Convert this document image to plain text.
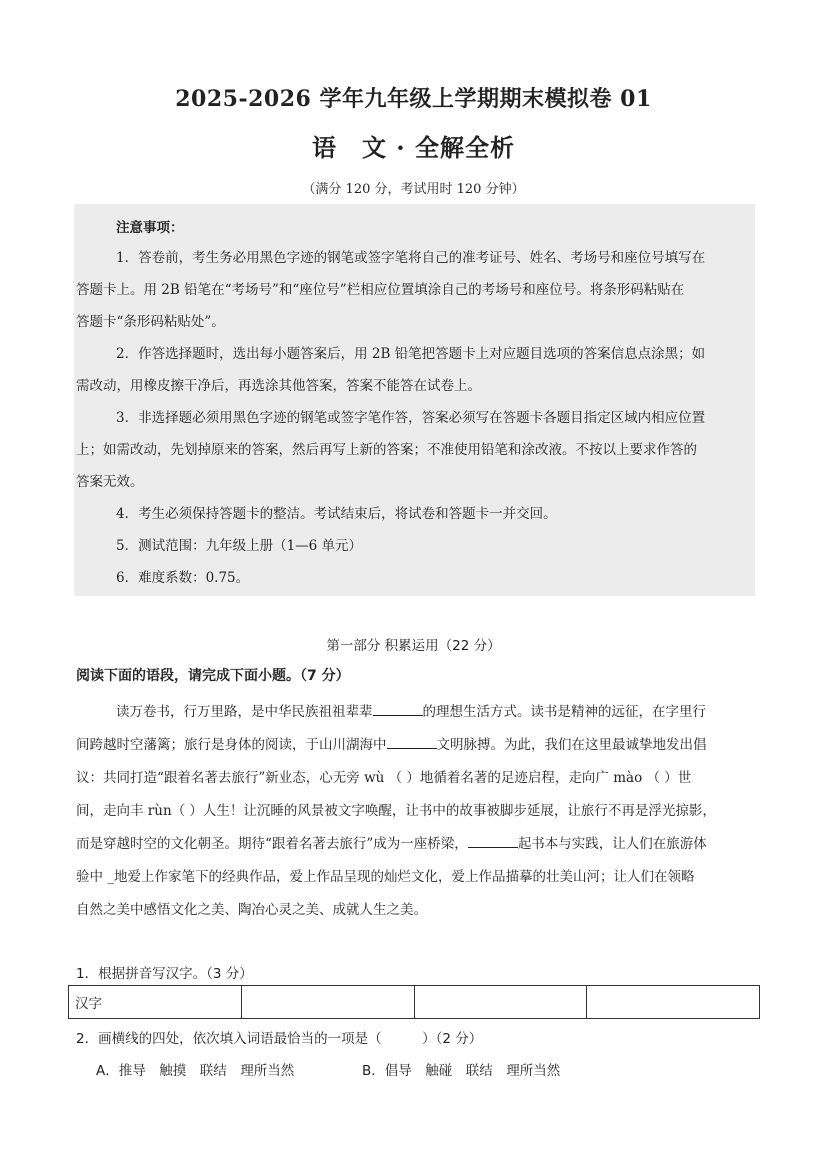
2025-2026 学年九年级上学期期末模拟卷 01
语　文 · 全解全析
（满分 120 分，考试用时 120 分钟）
注意事项：
1．答卷前，考生务必用黑色字迹的钢笔或签字笔将自己的准考证号、姓名、考场号和座位号填写在
答题卡上。用 2B 铅笔在“考场号”和“座位号”栏相应位置填涂自己的考场号和座位号。将条形码粘贴在
答题卡“条形码粘贴处”。
2．作答选择题时，选出每小题答案后，用 2B 铅笔把答题卡上对应题目选项的答案信息点涂黑；如
需改动，用橡皮擦干净后，再选涂其他答案，答案不能答在试卷上。
3．非选择题必须用黑色字迹的钢笔或签字笔作答，答案必须写在答题卡各题目指定区域内相应位置
上；如需改动，先划掉原来的答案，然后再写上新的答案；不准使用铅笔和涂改液。不按以上要求作答的
答案无效。
4．考生必须保持答题卡的整洁。考试结束后，将试卷和答题卡一并交回。
5．测试范围：九年级上册（1—6 单元）
6．难度系数：0.75。
第一部分 积累运用（22 分）
阅读下面的语段，请完成下面小题。（7 分）
读万卷书，行万里路，是中华民族祖祖辈辈	的理想生活方式。读书是精神的远征，在字里行
间跨越时空藩篱；旅行是身体的阅读，于山川湖海中	文明脉搏。为此，我们在这里最诚挚地发出倡
议：共同打造“跟着名著去旅行”新业态，心无旁 wù （ ）地循着名著的足迹启程，走向广 mào （ ）世
间，走向丰 rùn（ ）人生！让沉睡的风景被文字唤醒，让书中的故事被脚步延展，让旅行不再是浮光掠影，
而是穿越时空的文化朝圣。期待“跟着名著去旅行”成为一座桥梁，	起书本与实践，让人们在旅游体
验中 _地爱上作家笔下的经典作品，爱上作品呈现的灿烂文化，爱上作品描摹的壮美山河；让人们在领略
自然之美中感悟文化之美、陶冶心灵之美、成就人生之美。
1．根据拼音写汉字。（3 分）
汉字			
2．画横线的四处，依次填入词语最恰当的一项是（　　　）（2 分）
A．推导　触摸　联结　理所当然	B．倡导　触碰　联结　理所当然
